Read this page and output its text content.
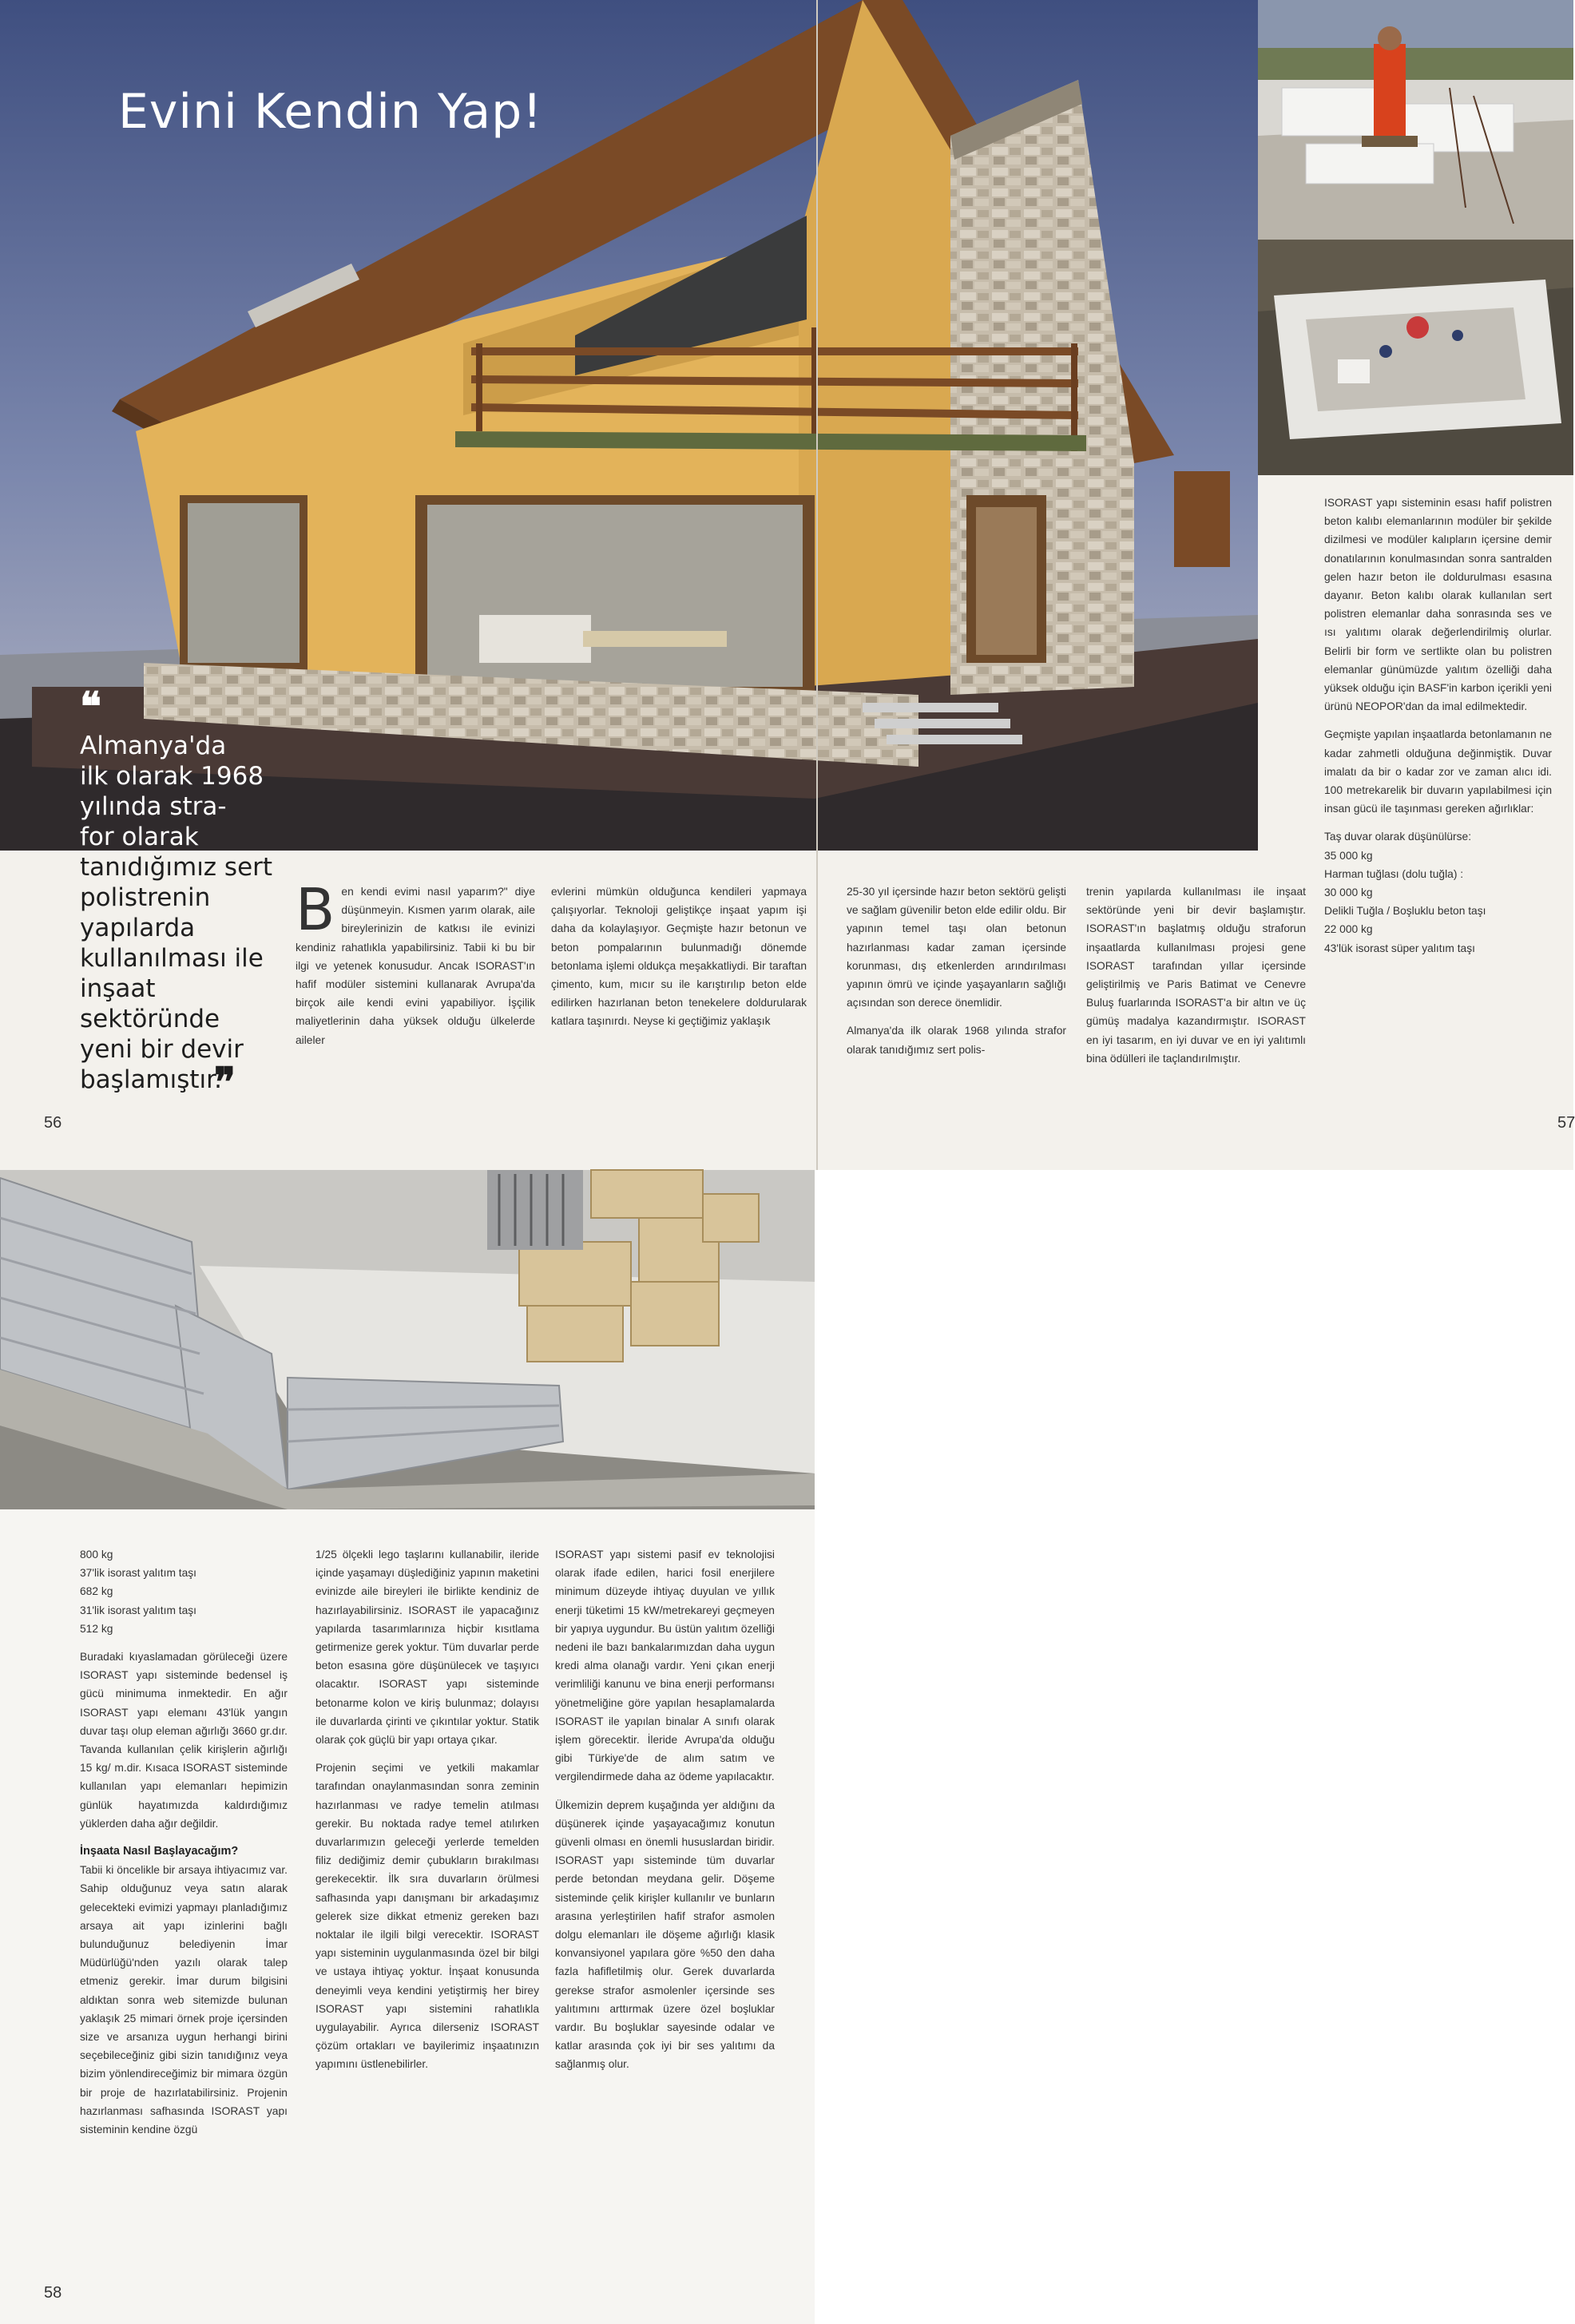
Evini Kendin Yap!
❝
Almanya'da
ilk olarak 1968
yılında stra-
for olarak
tanıdığımız sert
polistrenin
yapılarda
kullanılması ile
inşaat
sektöründe
yeni bir devir
başlamıştır.
❞
B en kendi evimi nasıl yaparım?" diye düşünmeyin. Kısmen yarım olarak, aile bireylerinizin de katkısı ile evinizi kendiniz rahatlıkla yapabilirsiniz. Tabii ki bu bir ilgi ve yetenek konusudur. Ancak ISORAST'ın hafif modüler sistemini kullanarak Avrupa'da birçok aile kendi evini yapabiliyor. İşçilik maliyetlerinin daha yüksek olduğu ülkelerde aileler
evlerini mümkün olduğunca kendileri yapmaya çalışıyorlar. Teknoloji geliştikçe inşaat yapım işi daha da kolaylaşıyor. Geçmişte hazır betonun ve beton pompalarının bulunmadığı dönemde betonlama işlemi oldukça meşakkatliydi. Bir taraftan çimento, kum, mıcır su ile karıştırılıp beton elde edilirken hazırlanan beton tenekelere doldurularak katlara taşınırdı. Neyse ki geçtiğimiz yaklaşık
56

25-30 yıl içersinde hazır beton sektörü gelişti ve sağlam güvenilir beton elde edilir oldu. Bir yapının temel taşı olan betonun hazırlanması kadar zaman içersinde korunması, dış etkenlerden arındırılması yapının ömrü ve içinde yaşayanların sağlığı açısından son derece önemlidir.

Almanya'da ilk olarak 1968 yılında strafor olarak tanıdığımız sert polis-

trenin yapılarda kullanılması ile inşaat sektöründe yeni bir devir başlamıştır. ISORAST'ın başlatmış olduğu straforun inşaatlarda kullanılması projesi gene ISORAST tarafından yıllar içersinde geliştirilmiş ve Paris Batimat ve Cenevre Buluş fuarlarında ISORAST'a bir altın ve üç gümüş madalya kazandırmıştır. ISORAST en iyi tasarım, en iyi duvar ve en iyi yalıtımlı bina ödülleri ile taçlandırılmıştır.

ISORAST yapı sisteminin esası hafif polistren beton kalıbı elemanlarının modüler bir şekilde dizilmesi ve modüler kalıpların içersine demir donatılarının konulmasından sonra santralden gelen hazır beton ile doldurulması esasına dayanır. Beton kalıbı olarak kullanılan sert polistren elemanlar daha sonrasında ses ve ısı yalıtımı olarak değerlendirilmiş olurlar. Belirli bir form ve sertlikte olan bu polistren elemanlar günümüzde yalıtım özelliği daha yüksek olduğu için BASF'in karbon içerikli yeni ürünü NEOPOR'dan da imal edilmektedir.

Geçmişte yapılan inşaatlarda betonlamanın ne kadar zahmetli olduğuna değinmiştik. Duvar imalatı da bir o kadar zor ve zaman alıcı idi. 100 metrekarelik bir duvarın yapılabilmesi için insan gücü ile taşınması gereken ağırlıklar:

Taş duvar olarak düşünülürse:
35 000 kg
Harman tuğlası (dolu tuğla) :
30 000 kg
Delikli Tuğla / Boşluklu beton taşı
22 000 kg
43'lük isorast süper yalıtım taşı
57
800 kg
37'lik isorast yalıtım taşı
682 kg
31'lik isorast yalıtım taşı
512 kg

Buradaki kıyaslamadan görüleceği üzere ISORAST yapı sisteminde bedensel iş gücü minimuma inmektedir. En ağır ISORAST yapı elemanı 43'lük yangın duvar taşı olup eleman ağırlığı 3660 gr.dır. Tavanda kullanılan çelik kirişlerin ağırlığı 15 kg/ m.dir. Kısaca ISORAST sisteminde kullanılan yapı elemanları hepimizin günlük hayatımızda kaldırdığımız yüklerden daha ağır değildir.

İnşaata Nasıl Başlayacağım?

Tabii ki öncelikle bir arsaya ihtiyacımız var. Sahip olduğunuz veya satın alarak gelecekteki evimizi yapmayı planladığımız arsaya ait yapı izinlerini bağlı bulunduğunuz belediyenin İmar Müdürlüğü'nden yazılı olarak talep etmeniz gerekir. İmar durum bilgisini aldıktan sonra web sitemizde bulunan yaklaşık 25 mimari örnek proje içersinden size ve arsanıza uygun herhangi birini seçebileceğiniz gibi sizin tanıdığınız veya bizim yönlendireceğimiz bir mimara özgün bir proje de hazırlatabilirsiniz. Projenin hazırlanması safhasında ISORAST yapı sisteminin kendine özgü

1/25 ölçekli lego taşlarını kullanabilir, ileride içinde yaşamayı düşlediğiniz yapının maketini evinizde aile bireyleri ile birlikte kendiniz de hazırlayabilirsiniz. ISORAST ile yapacağınız yapılarda tasarımlarınıza hiçbir kısıtlama getirmenize gerek yoktur. Tüm duvarlar perde beton esasına göre düşünülecek ve taşıyıcı olacaktır. ISORAST yapı sisteminde betonarme kolon ve kiriş bulunmaz; dolayısı ile duvarlarda çirinti ve çıkıntılar yoktur. Statik olarak çok güçlü bir yapı ortaya çıkar.

Projenin seçimi ve yetkili makamlar tarafından onaylanmasından sonra zeminin hazırlanması ve radye temelin atılması gerekir. Bu noktada radye temel atılırken duvarlarımızın geleceği yerlerde temelden filiz dediğimiz demir çubukların bırakılması gerekecektir. İlk sıra duvarların örülmesi safhasında yapı danışmanı bir arkadaşımız gelerek size dikkat etmeniz gereken bazı noktalar ile ilgili bilgi verecektir. ISORAST yapı sisteminin uygulanmasında özel bir bilgi ve ustaya ihtiyaç yoktur. İnşaat konusunda deneyimli veya kendini yetiştirmiş her birey ISORAST yapı sistemini rahatlıkla uygulayabilir. Ayrıca dilerseniz ISORAST çözüm ortakları ve bayilerimiz inşaatınızın yapımını üstlenebilirler.

ISORAST yapı sistemi pasif ev teknolojisi olarak ifade edilen, harici fosil enerjilere minimum düzeyde ihtiyaç duyulan ve yıllık enerji tüketimi 15 kW/metrekareyi geçmeyen bir yapıya uygundur. Bu üstün yalıtım özelliği nedeni ile bazı bankalarımızdan daha uygun kredi alma olanağı vardır. Yeni çıkan enerji verimliliği kanunu ve bina enerji performansı yönetmeliğine göre yapılan hesaplamalarda ISORAST ile yapılan binalar A sınıfı olarak işlem görecektir. İleride Avrupa'da olduğu gibi Türkiye'de de alım satım ve vergilendirmede daha az ödeme yapılacaktır.

Ülkemizin deprem kuşağında yer aldığını da düşünerek içinde yaşayacağımız konutun güvenli olması en önemli hususlardan biridir. ISORAST yapı sisteminde tüm duvarlar perde betondan meydana gelir. Döşeme sisteminde çelik kirişler kullanılır ve bunların arasına yerleştirilen hafif strafor asmolen dolgu elemanları ile döşeme ağırlığı klasik konvansiyonel yapılara göre %50 den daha fazla hafifletilmiş olur. Gerek duvarlarda gerekse strafor asmolenler içersinde ses yalıtımını arttırmak üzere özel boşluklar vardır. Bu boşluklar sayesinde odalar ve katlar arasında çok iyi bir ses yalıtımı da sağlanmış olur.

58
